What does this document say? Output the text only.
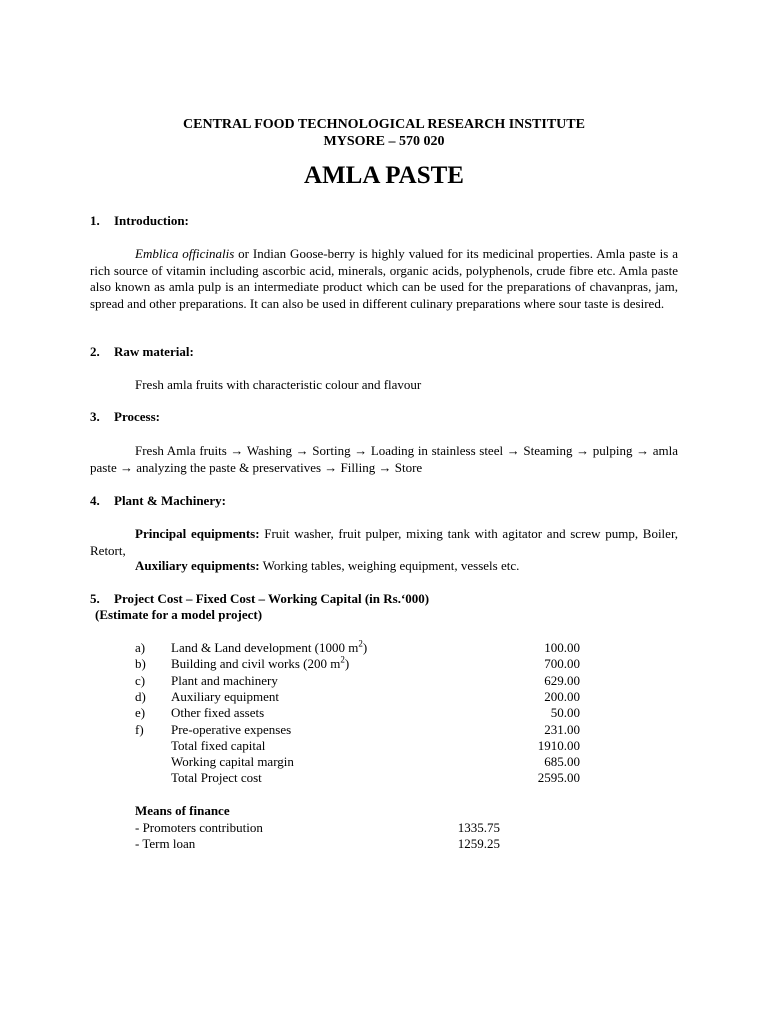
CENTRAL FOOD TECHNOLOGICAL RESEARCH INSTITUTE
MYSORE – 570 020
AMLA PASTE
1. Introduction:
Emblica officinalis or Indian Goose-berry is highly valued for its medicinal properties. Amla paste is a rich source of vitamin including ascorbic acid, minerals, organic acids, polyphenols, crude fibre etc. Amla paste also known as amla pulp is an intermediate product which can be used for the preparations of chavanpras, jam, spread and other preparations. It can also be used in different culinary preparations where sour taste is desired.
2. Raw material:
Fresh amla fruits with characteristic colour and flavour
3. Process:
Fresh Amla fruits → Washing → Sorting → Loading in stainless steel → Steaming → pulping → amla paste → analyzing the paste & preservatives → Filling → Store
4. Plant & Machinery:
Principal equipments: Fruit washer, fruit pulper, mixing tank with agitator and screw pump, Boiler, Retort,
Auxiliary equipments: Working tables, weighing equipment, vessels etc.
5. Project Cost – Fixed Cost – Working Capital (in Rs.‘000)
(Estimate for a model project)
a) Land & Land development (1000 $m^2$)	100.00
b) Building and civil works (200 $m^2$)	700.00
c) Plant and machinery	629.00
d) Auxiliary equipment	200.00
e) Other fixed assets	50.00
f) Pre-operative expenses	231.00
Total fixed capital	1910.00
Working capital margin	685.00
Total Project cost	2595.00
Means of finance
- Promoters contribution	1335.75
- Term loan	1259.25
